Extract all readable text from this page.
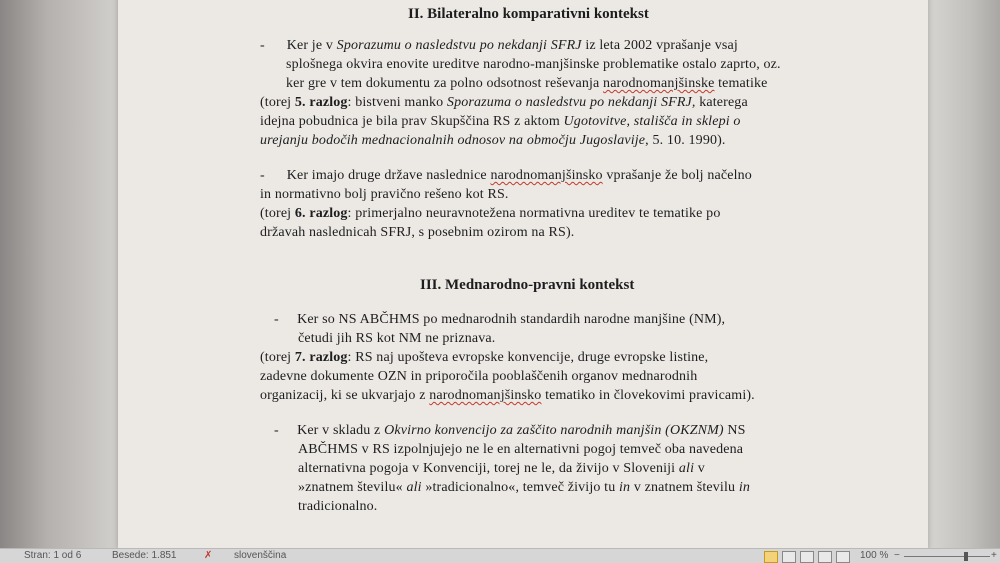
II. Bilateralno komparativni kontekst
- Ker je v Sporazumu o nasledstvu po nekdanji SFRJ iz leta 2002 vprašanje vsaj
splošnega okvira enovite ureditve narodno-manjšinske problematike ostalo zaprto, oz.
ker gre v tem dokumentu za polno odsotnost reševanja narodnomanjšinske tematike
(torej 5. razlog: bistveni manko Sporazuma o nasledstvu po nekdanji SFRJ, katerega
idejna pobudnica je bila prav Skupščina RS z aktom Ugotovitve, stališča in sklepi o
urejanju bodočih mednacionalnih odnosov na območju Jugoslavije, 5. 10. 1990).
- Ker imajo druge države naslednice narodnomanjšinsko vprašanje že bolj načelno
in normativno bolj pravično rešeno kot RS.
(torej 6. razlog: primerjalno neuravnotežena normativna ureditev te tematike po
državah naslednicah SFRJ, s posebnim ozirom na RS).
III. Mednarodno-pravni kontekst
- Ker so NS ABČHMS po mednarodnih standardih narodne manjšine (NM),
četudi jih RS kot NM ne priznava.
(torej 7. razlog: RS naj upošteva evropske konvencije, druge evropske listine,
zadevne dokumente OZN in priporočila pooblaščenih organov mednarodnih
organizacij, ki se ukvarjajo z narodnomanjšinsko tematiko in človekovimi pravicami).
- Ker v skladu z Okvirno konvencijo za zaščito narodnih manjšin (OKZNM) NS
ABČHMS v RS izpolnjujejo ne le en alternativni pogoj temveč oba navedena
alternativna pogoja v Konvenciji, torej ne le, da živijo v Sloveniji ali v
»znatnem številu« ali »tradicionalno«, temveč živijo tu in v znatnem številu in
tradicionalno.
Stran: 1 od 6	Besede: 1.851	✗ slovenščina	100 % −	+
